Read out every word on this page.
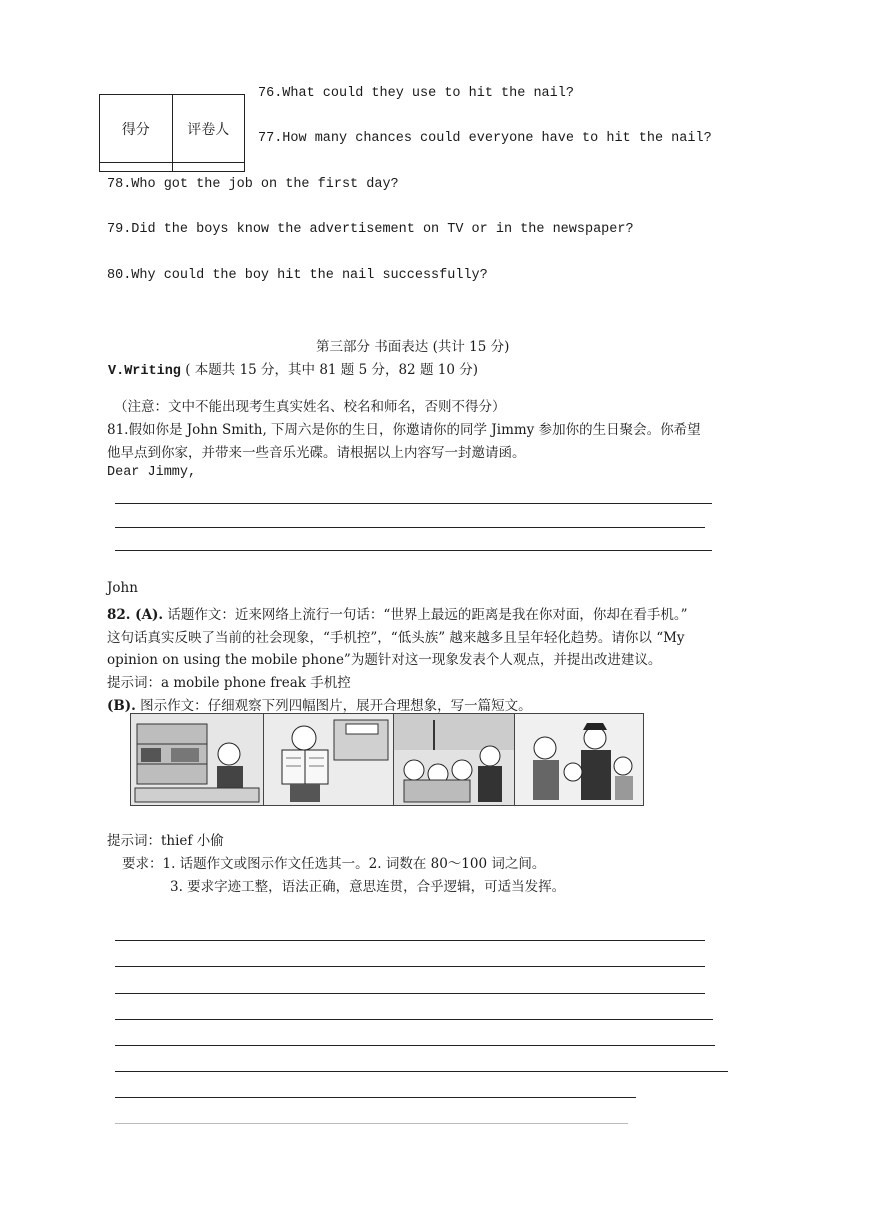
得分	评卷人

76.What could they use to hit the nail?
77.How many chances could everyone have to hit the nail?
78.Who got the job on the first day?
79.Did the boys know the advertisement on TV or in the newspaper?
80.Why could the boy hit the nail successfully?
第三部分 书面表达 (共计 15 分)
V.Writing ( 本题共 15 分，其中 81 题 5 分，82 题 10 分)
（注意：文中不能出现考生真实姓名、校名和师名，否则不得分）
81.假如你是 John Smith, 下周六是你的生日，你邀请你的同学 Jimmy 参加你的生日聚会。你希望
他早点到你家，并带来一些音乐光碟。请根据以上内容写一封邀请函。
Dear Jimmy,
John
82. (A). 话题作文：近来网络上流行一句话：“世界上最远的距离是我在你对面，你却在看手机。”
这句话真实反映了当前的社会现象，“手机控”，“低头族” 越来越多且呈年轻化趋势。请你以 “My
opinion on using the mobile phone”为题针对这一现象发表个人观点，并提出改进建议。
提示词：a mobile phone freak 手机控
(B). 图示作文：仔细观察下列四幅图片，展开合理想象，写一篇短文。
提示词：thief 小偷
要求：1. 话题作文或图示作文任选其一。2. 词数在 80～100 词之间。
3. 要求字迹工整，语法正确，意思连贯，合乎逻辑，可适当发挥。
